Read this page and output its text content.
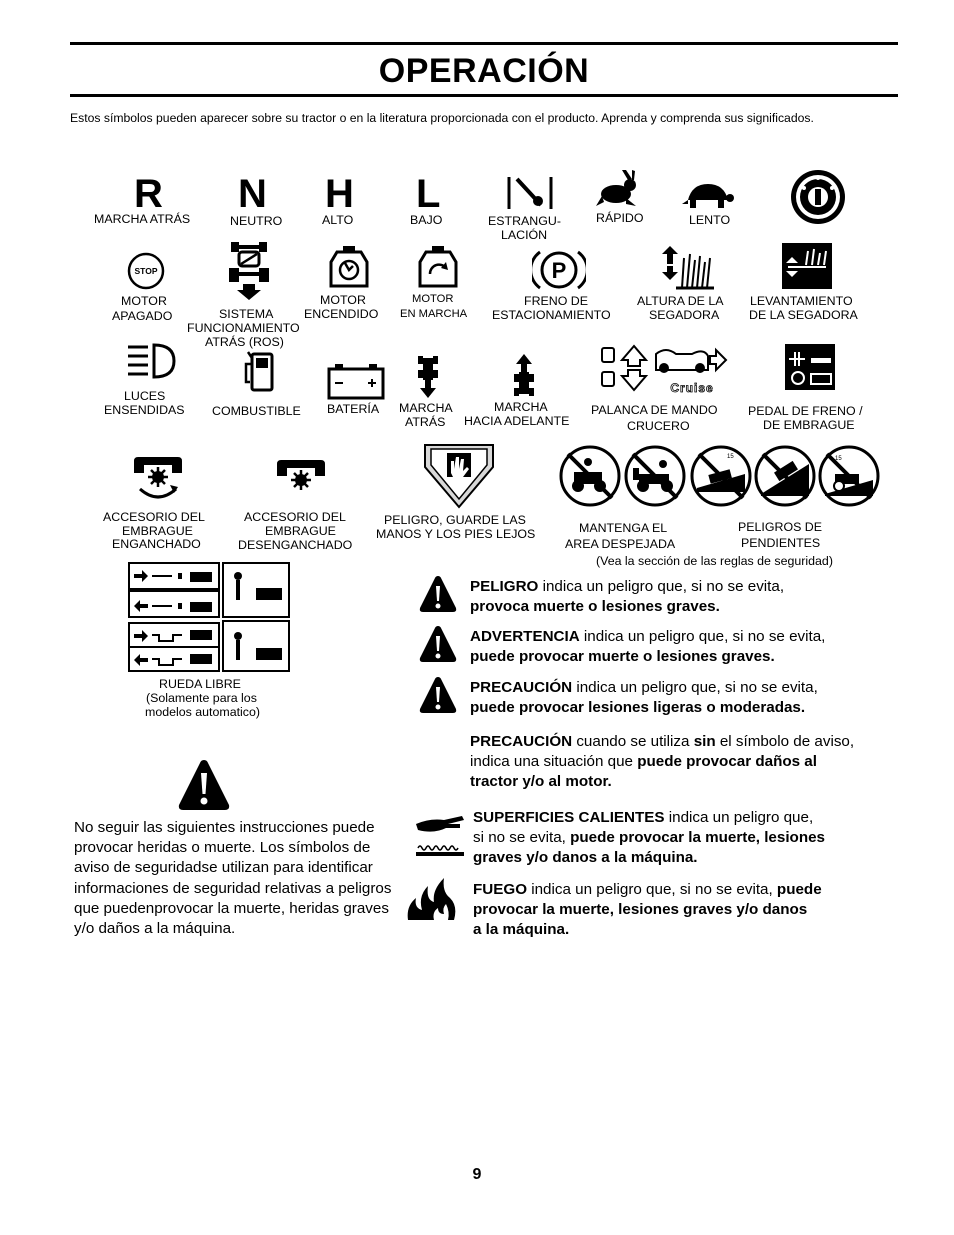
OPERACIÓN
Estos símbolos pueden aparecer sobre su tractor o en la literatura proporcionada con el producto. Aprenda y comprenda sus significados.
R N H L
MARCHA ATRÁS	NEUTRO	ALTO	BAJO	ESTRANGU-
LACIÓN
RÁPIDO	LENTO
STOP	P
MOTOR
APAGADO	SISTEMA
FUNCIONAMIENTO
ATRÁS (ROS)
MOTOR
ENCENDIDO
MOTOR
EN MARCHA
FRENO DE
ESTACIONAMIENTO
ALTURA DE LA
SEGADORA
LEVANTAMIENTO
DE LA SEGADORA
Cruise
LUCES
ENSENDIDAS COMBUSTIBLE BATERÍA MARCHA
ATRÁS
MARCHA
HACIA ADELANTE
PALANCA DE MANDO
CRUCERO
PEDAL DE FRENO /
DE EMBRAGUE
15	15
ACCESORIO DEL
EMBRAGUE
ENGANCHADO
ACCESORIO DEL
EMBRAGUE
DESENGANCHADO
PELIGRO, GUARDE LAS
MANOS Y LOS PIES LEJOS	MANTENGA EL
AREA DESPEJADA
PELIGROS DE
PENDIENTES
(Vea la sección de las reglas de seguridad)
RUEDA LIBRE
(Solamente para los
modelos automatico)
PELIGRO indica un peligro que, si no se evita,
provoca muerte o lesiones graves.
ADVERTENCIA indica un peligro que, si no se evita,
puede provocar muerte o lesiones graves.
PRECAUCIÓN indica un peligro que, si no se evita,
puede provocar lesiones ligeras o moderadas.
PRECAUCIÓN cuando se utiliza sin el símbolo de aviso,
indica una situación que puede provocar daños al
tractor y/o al motor.
SUPERFICIES CALIENTES indica un peligro que,
si no se evita, puede provocar la muerte, lesiones
graves y/o danos a la máquina.
FUEGO indica un peligro que, si no se evita, puede
provocar la muerte, lesiones graves y/o danos
a la máquina.
No seguir las siguientes instrucciones puede provocar heridas o muerte. Los símbolos de aviso de seguridadse utilizan para identificar informaciones de seguridad relativas a peligros que puedenprovocar la muerte, heridas graves y/o daños a la máquina.
9
